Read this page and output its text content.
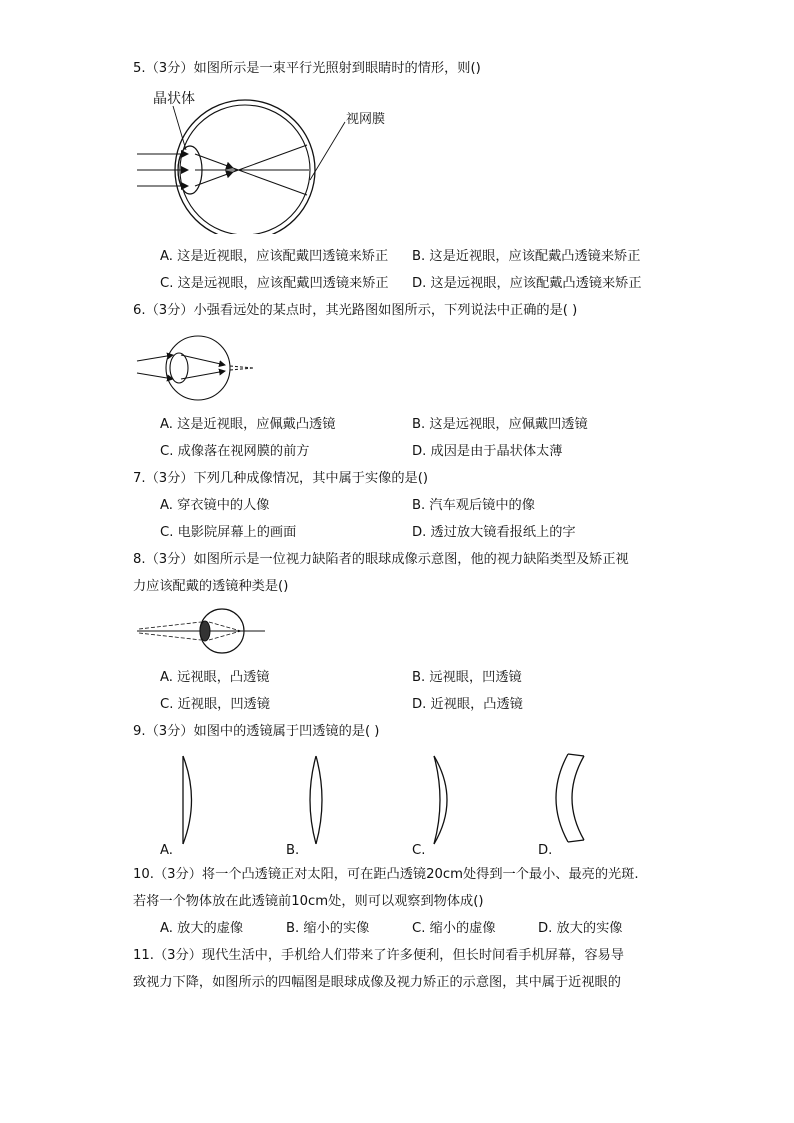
5.（3分）如图所示是一束平行光照射到眼睛时的情形，则()
晶状体
视网膜
A. 这是近视眼，应该配戴凹透镜来矫正 B. 这是近视眼，应该配戴凸透镜来矫正
C. 这是远视眼，应该配戴凹透镜来矫正 D. 这是远视眼，应该配戴凸透镜来矫正
6.（3分）小强看远处的某点时，其光路图如图所示，下列说法中正确的是( )
A. 这是近视眼，应佩戴凸透镜	B. 这是远视眼，应佩戴凹透镜
C. 成像落在视网膜的前方	D. 成因是由于晶状体太薄
7.（3分）下列几种成像情况，其中属于实像的是()
A. 穿衣镜中的人像	B. 汽车观后镜中的像
C. 电影院屏幕上的画面	D. 透过放大镜看报纸上的字
8.（3分）如图所示是一位视力缺陷者的眼球成像示意图，他的视力缺陷类型及矫正视
力应该配戴的透镜种类是()
A. 远视眼，凸透镜	B. 远视眼，凹透镜
C. 近视眼，凹透镜	D. 近视眼，凸透镜
9.（3分）如图中的透镜属于凹透镜的是( )
A.	B.	C.	D.
10.（3分）将一个凸透镜正对太阳，可在距凸透镜20cm处得到一个最小、最亮的光斑.
若将一个物体放在此透镜前10cm处，则可以观察到物体成()
A. 放大的虚像	B. 缩小的实像	C. 缩小的虚像	D. 放大的实像
11.（3分）现代生活中，手机给人们带来了许多便利，但长时间看手机屏幕，容易导
致视力下降，如图所示的四幅图是眼球成像及视力矫正的示意图，其中属于近视眼的
